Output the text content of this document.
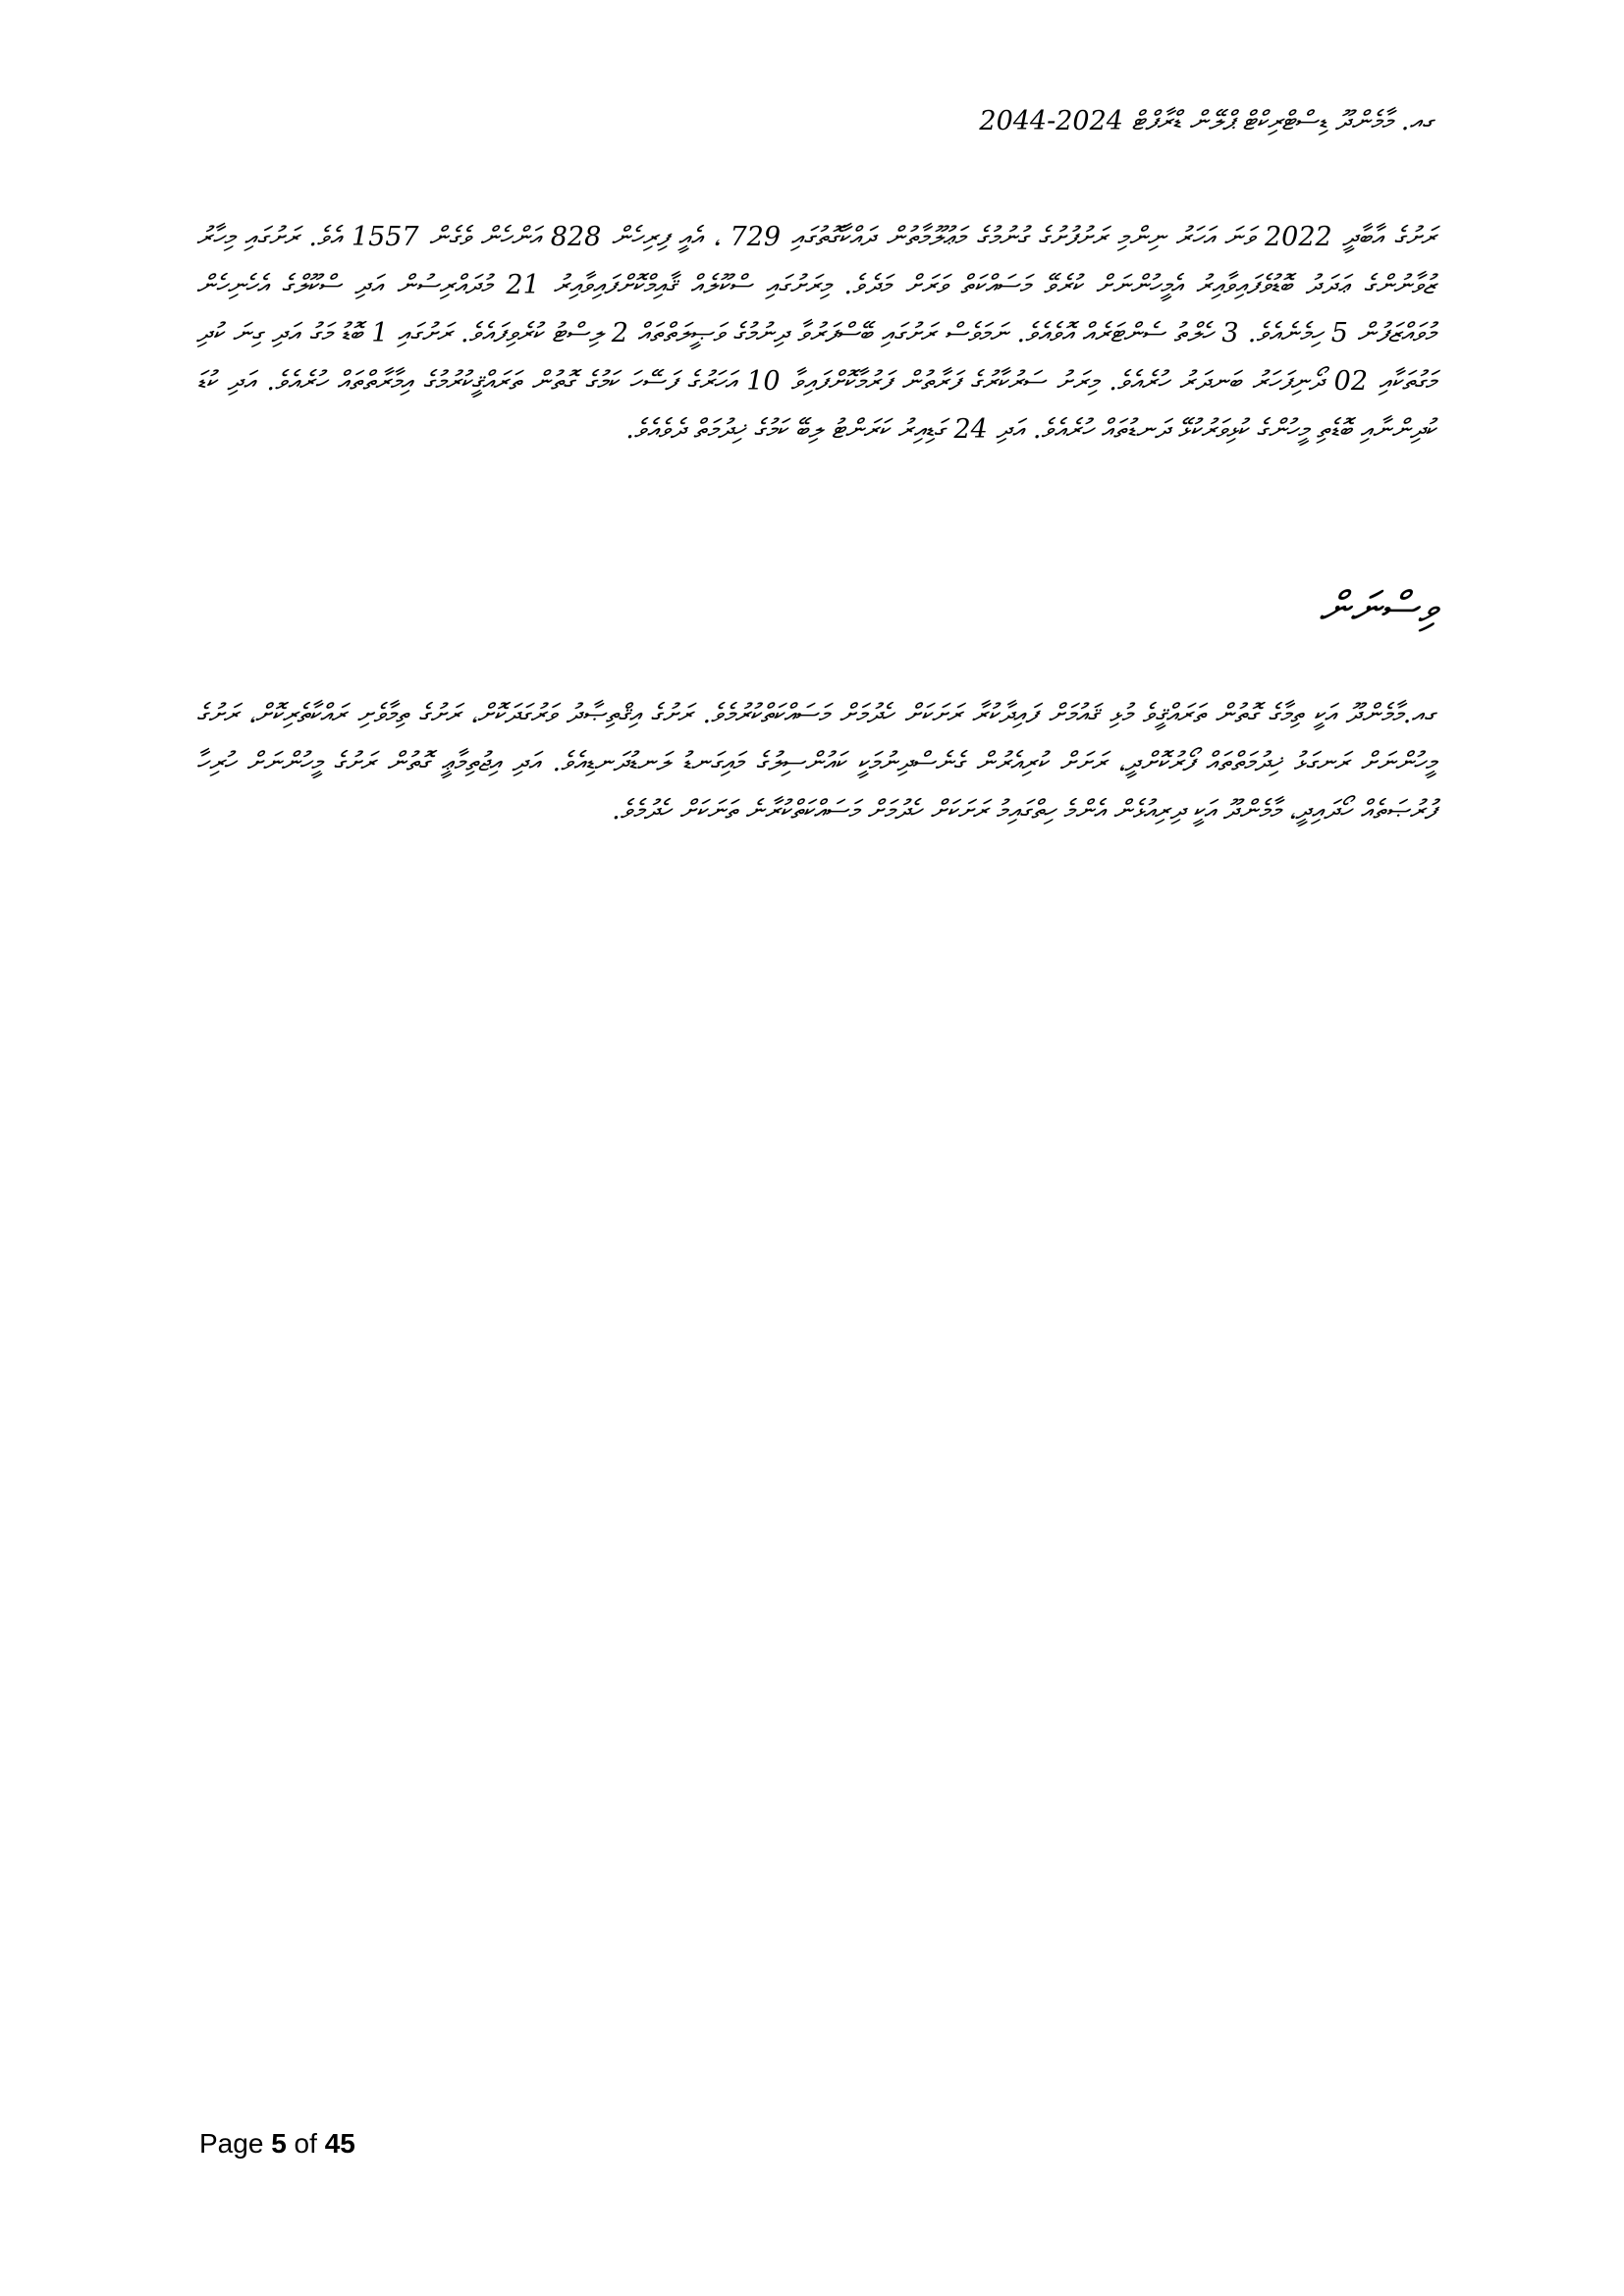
ގއ. މާމެންދޫ ޑިސްޓްރިކްޓް ޕްލޭން ޑްރާފްޓް 2024-2044
ރަށުގެ އާބާދީ 2022 ވަނަ އަހަރު ނިންމި ރަށުފުށުގެ ގުނުމުގެ މަޢުލޫމާތުން ދައްކާގޮތުގައި 729 ، އެއީ ފިރިހެން 828 އަންހެން ވެގެން 1557 އެވެ. ރަށުގައި މިހާރު ޒުވާނުންގެ ޢަދަދު ބޮޑުވެފައިވާއިރު އެމީހުންނަށް ކުރެވޭ މަސައްކަތް ވަރަށް މަދެވެ. މިރަށުގައި ސްކޫލެއް ޤާއިމްކޮށްފައިވާއިރު 21 މުދައްރިސުން އަދި ސްކޫލްގެ އެހެނިހެން މުވައްޒަފުން 5 ހިމެނެއެވެ. 3 ހެލްތު ސެންޓަރެއް އޮވެއެވެ. ނަމަވެސް ރަށުގައި ބޭސްފަރުވާ ދިނުމުގެ ވަޞީލަތްތައް 2 ލިސްޓު ކުރެވިފައެވެ. ރަށުގައި 1 ބޮޑު މަގު އަދި ގިނަ ކުދި މަގުތަކާއި 02 ދޯނިފަހަރު ބަނދަރު ހުރެއެވެ. މިރަށު ސަރުކާރުގެ ފަރާތުން ފަރުމާކޮށްފައިވާ 10 އަހަރުގެ ފަސޭހަ ކަމުގެ ގޮތުން ތަރައްޤީކުރުމުގެ އިމާރާތްތައް ހުރެއެވެ. އަދި ކުޑަ ކުދިންނާއި ބޮޑެތި މީހުންގެ ކުޅިވަރުކުޅޭ ދަނޑުތައް ހުރެއެވެ. އަދި 24 ގަޑިއިރު ކަރަންޓު ލިބޭ ކަމުގެ ޚިދުމަތް ދެވެއެވެ.
ވިސްނަން
ގއ.މާމެންދޫ އަކީ ތިމާގެ ގޮތުން ތަރައްޤީވެ މުޅި ޤައުމަށް ފައިދާކުރާ ރަށަކަށް ހެދުމަށް މަސައްކަތްކުރުމެވެ. ރަށުގެ އިޤްތިޞާދު ވަރުގަދަކޮށް، ރަށުގެ ތިމާވެށި ރައްކާތެރިކޮށް، ރަށުގެ މީހުންނަށް ރަނގަޅު ޚިދުމަތްތައް ފޯރުކޮށްދީ، ރަށަށް ކުރިއެރުން ގެނެސްދިނުމަކީ ކައުންސިލުގެ މައިގަނޑު ލަނޑުދަނޑިއެވެ. އަދި އިޖުތިމާޢީ ގޮތުން ރަށުގެ މީހުންނަށް ހުރިހާ ފުރުޞަތެއް ހޯދައިދީ، މާމެންދޫ އަކީ ދިރިއުޅެން އެންމެ ހިތްގައިމު ރަށަކަށް ހެދުމަށް މަސައްކަތްކުރާނެ ތަނަކަށް ހެދުމެވެ.
Page 5 of 45
